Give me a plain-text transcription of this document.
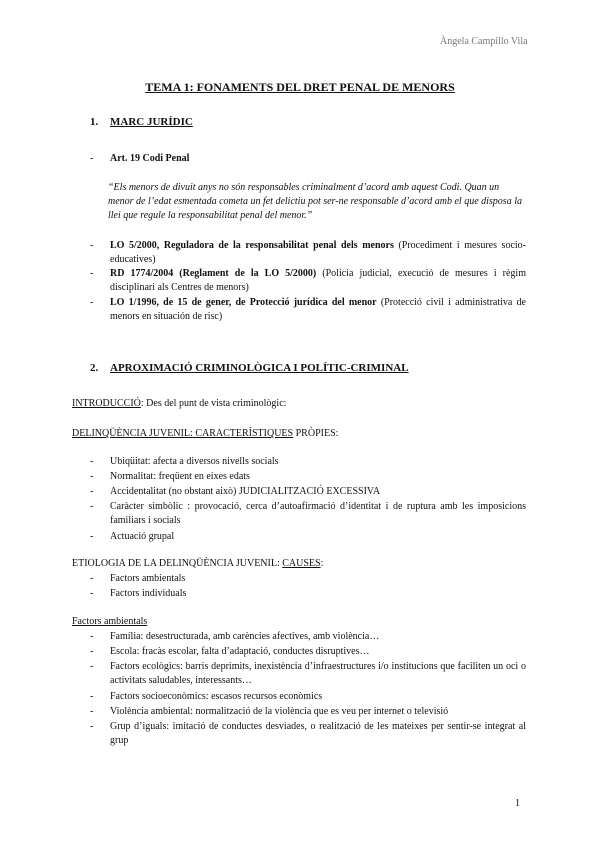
Àngela Campillo Vila
TEMA 1: FONAMENTS DEL DRET PENAL DE MENORS
1. MARC JURÍDIC
- Art. 19 Codi Penal
“Els menors de divuit anys no són responsables criminalment d’acord amb aquest Codi. Quan un menor de l’edat esmentada cometa un fet delictiu pot ser-ne responsable d’acord amb el que disposa la llei que regule la responsabilitat penal del menor.”
- LO 5/2000, Reguladora de la responsabilitat penal dels menors (Procediment i mesures socio-educatives)
- RD 1774/2004 (Reglament de la LO 5/2000) (Policia judicial, execució de mesures i règim disciplinari als Centres de menors)
- LO 1/1996, de 15 de gener, de Protecció jurídica del menor (Protecció civil i administrativa de menors en situación de risc)
2. APROXIMACIÓ CRIMINOLÒGICA I POLÍTIC-CRIMINAL
INTRODUCCIÓ: Des del punt de vista criminològic:
DELINQÜÈNCIA JUVENIL: CARACTERÍSTIQUES PRÒPIES:
- Ubiqüitat: afecta a diversos nivells socials
- Normalitat: freqüent en eixes edats
- Accidentalitat (no obstant això) JUDICIALITZACIÓ EXCESSIVA
- Caràcter simbòlic : provocació, cerca d’autoafirmació d’identitat i de ruptura amb les imposicions familiars i socials
- Actuació grupal
ETIOLOGIA DE LA DELINQÜÈNCIA JUVENIL: CAUSES:
- Factors ambientals
- Factors individuals
Factors ambientals
- Família: desestructurada, amb carències afectives, amb violència…
- Escola: fracàs escolar, falta d’adaptació, conductes disruptives…
- Factors ecològics: barris deprimits, inexistència d’infraestructures i/o institucions que faciliten un oci o activitats saludables, interessants…
- Factors socioeconòmics: escasos recursos econòmics
- Violència ambiental: normalització de la violència que es veu per internet o televisió
- Grup d’iguals: imitació de conductes desviades, o realització de les mateixes per sentir-se integrat al grup
1
